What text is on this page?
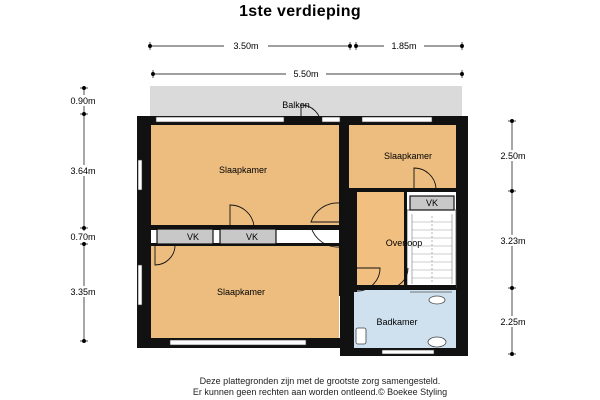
1ste verdieping
VK	VK
VK
Balkon
Slaapkamer
Slaapkamer
Slaapkamer
Overloop
Badkamer
3.50m	1.85m
5.50m
0.90m
3.64m
0.70m
3.35m
2.50m
3.23m
2.25m
Deze plattegronden zijn met de grootste zorg samengesteld.
Er kunnen geen rechten aan worden ontleend.© Boekee Styling
